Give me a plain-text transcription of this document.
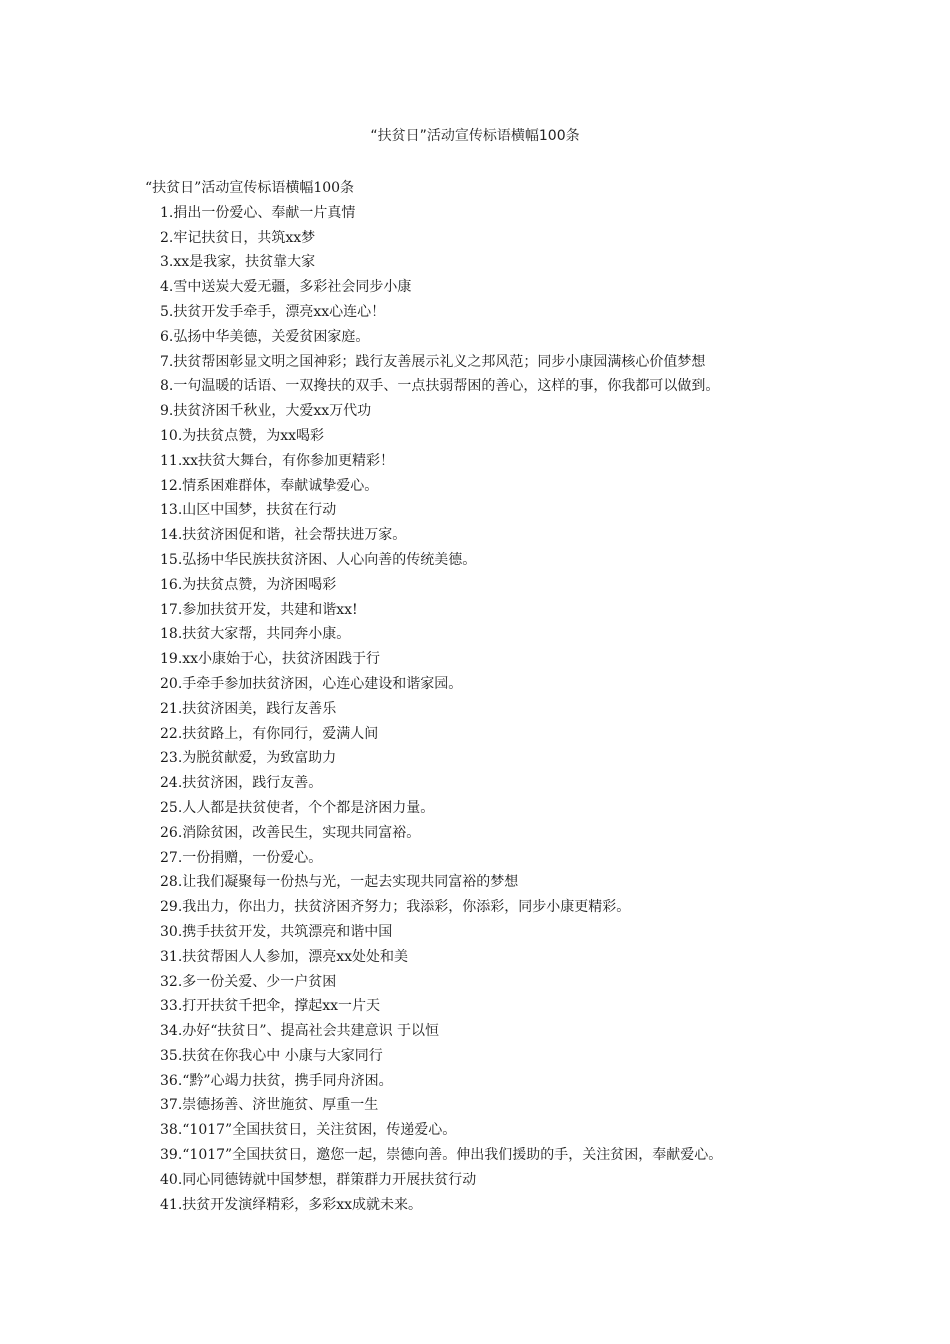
“扶贫日”活动宣传标语横幅100条
“扶贫日”活动宣传标语横幅100条
1.捐出一份爱心、奉献一片真情
2.牢记扶贫日，共筑xx梦
3.xx是我家，扶贫靠大家
4.雪中送炭大爱无疆，多彩社会同步小康
5.扶贫开发手牵手，漂亮xx心连心！
6.弘扬中华美德，关爱贫困家庭。
7.扶贫帮困彰显文明之国神彩；践行友善展示礼义之邦风范；同步小康园满核心价值梦想
8.一句温暖的话语、一双搀扶的双手、一点扶弱帮困的善心，这样的事，你我都可以做到。
9.扶贫济困千秋业，大爱xx万代功
10.为扶贫点赞，为xx喝彩
11.xx扶贫大舞台，有你参加更精彩！
12.情系困难群体，奉献诚挚爱心。
13.山区中国梦，扶贫在行动
14.扶贫济困促和谐，社会帮扶进万家。
15.弘扬中华民族扶贫济困、人心向善的传统美德。
16.为扶贫点赞，为济困喝彩
17.参加扶贫开发，共建和谐xx!
18.扶贫大家帮，共同奔小康。
19.xx小康始于心，扶贫济困践于行
20.手牵手参加扶贫济困，心连心建设和谐家园。
21.扶贫济困美，践行友善乐
22.扶贫路上，有你同行，爱满人间
23.为脱贫献爱，为致富助力
24.扶贫济困，践行友善。
25.人人都是扶贫使者，个个都是济困力量。
26.消除贫困，改善民生，实现共同富裕。
27.一份捐赠，一份爱心。
28.让我们凝聚每一份热与光，一起去实现共同富裕的梦想
29.我出力，你出力，扶贫济困齐努力；我添彩，你添彩，同步小康更精彩。
30.携手扶贫开发，共筑漂亮和谐中国
31.扶贫帮困人人参加，漂亮xx处处和美
32.多一份关爱、少一户贫困
33.打开扶贫千把伞，撑起xx一片天
34.办好“扶贫日”、提高社会共建意识 于以恒
35.扶贫在你我心中 小康与大家同行
36.“黔”心竭力扶贫，携手同舟济困。
37.崇德扬善、济世施贫、厚重一生
38.“1017”全国扶贫日，关注贫困，传递爱心。
39.“1017”全国扶贫日，邀您一起，崇德向善。伸出我们援助的手，关注贫困，奉献爱心。
40.同心同德铸就中国梦想，群策群力开展扶贫行动
41.扶贫开发演绎精彩，多彩xx成就未来。
